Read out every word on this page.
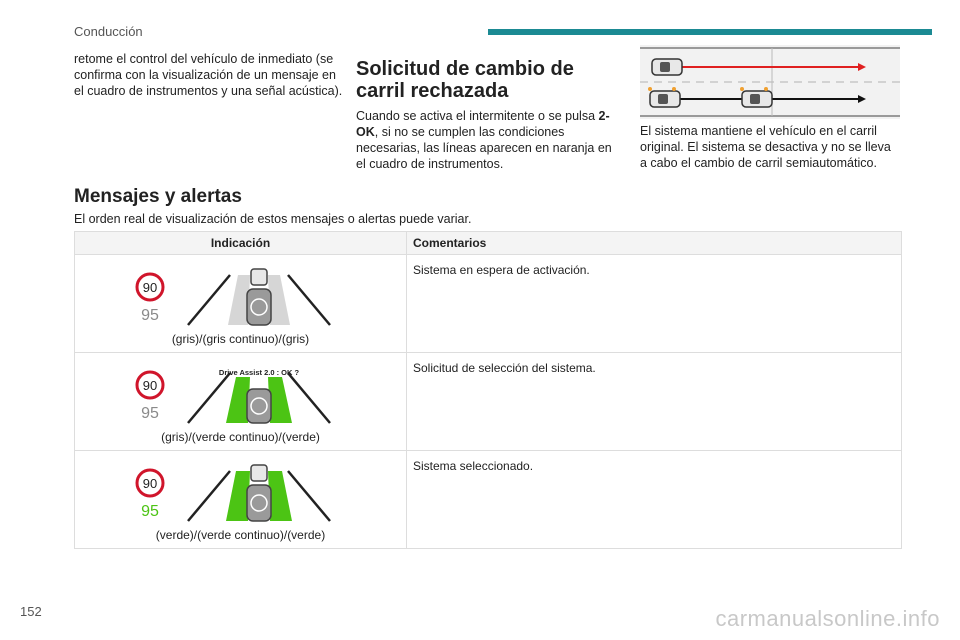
Conducción
retome el control del vehículo de inmediato (se confirma con la visualización de un mensaje en el cuadro de instrumentos y una señal acústica).
Solicitud de cambio de carril rechazada
Cuando se activa el intermitente o se pulsa 2-OK, si no se cumplen las condiciones necesarias, las líneas aparecen en naranja en el cuadro de instrumentos.
El sistema mantiene el vehículo en el carril original. El sistema se desactiva y no se lleva a cabo el cambio de carril semiautomático.
Mensajes y alertas
El orden real de visualización de estos mensajes o alertas puede variar.
Indicación	Comentarios

90
95
(gris)/(gris continuo)/(gris)	Sistema en espera de activación.

90
95
Drive Assist 2.0 : OK ?
(gris)/(verde continuo)/(verde)	Solicitud de selección del sistema.

90
95
(verde)/(verde continuo)/(verde)	Sistema seleccionado.
152	carmanualsonline.info
